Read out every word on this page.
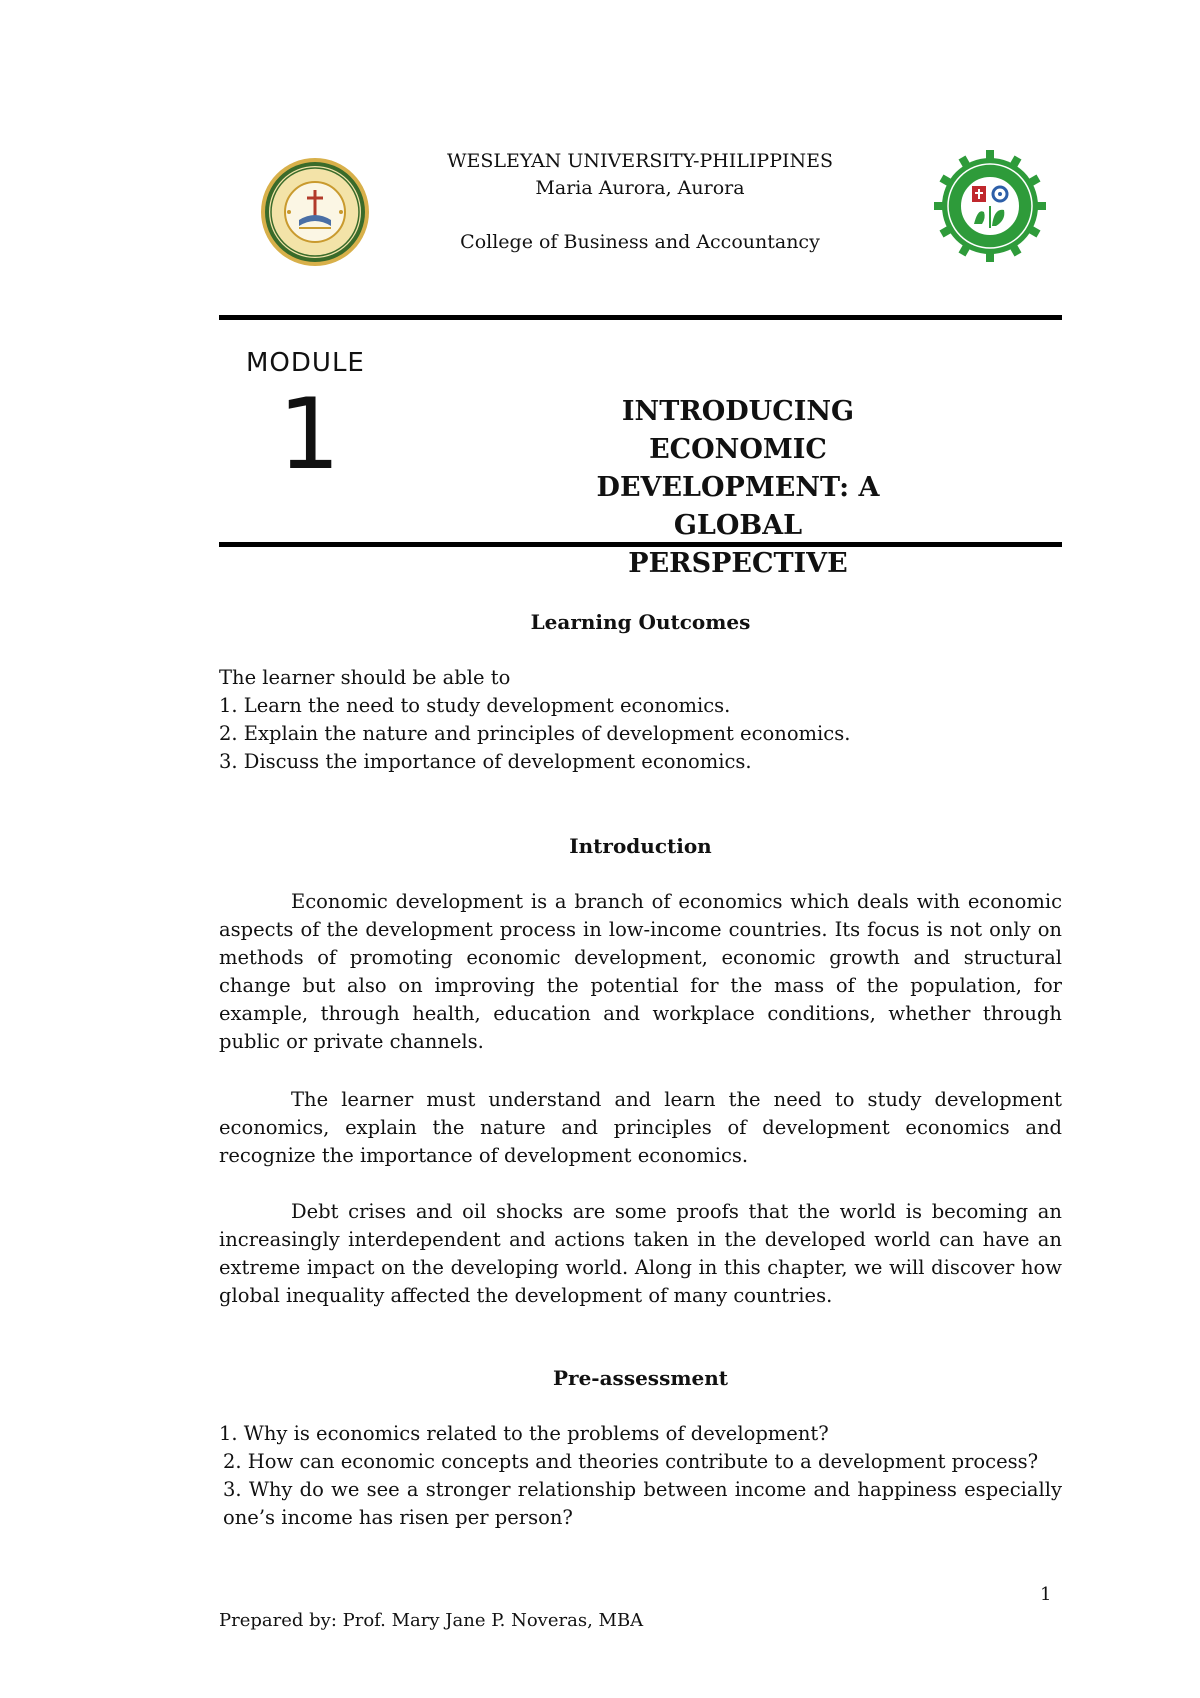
WESLEYAN UNIVERSITY-PHILIPPINES
Maria Aurora, Aurora
College of Business and Accountancy
MODULE
1	INTRODUCING ECONOMIC
DEVELOPMENT: A GLOBAL
PERSPECTIVE
Learning Outcomes

The learner should be able to

1. Learn the need to study development economics.

2. Explain the nature and principles of development economics.

3. Discuss the importance of development economics.

Introduction
Economic development is a branch of economics which deals with economic aspects of the development process in low-income countries. Its focus is not only on methods of promoting economic development, economic growth and structural change but also on improving the potential for the mass of the population, for example, through health, education and workplace conditions, whether through public or private channels.
The learner must understand and learn the need to study development economics, explain the nature and principles of development economics and recognize the importance of development economics.
Debt crises and oil shocks are some proofs that the world is becoming an increasingly interdependent and actions taken in the developed world can have an extreme impact on the developing world. Along in this chapter, we will discover how global inequality affected the development of many countries.
Pre-assessment

1. Why is economics related to the problems of development?

2. How can economic concepts and theories contribute to a development process?

3. Why do we see a stronger relationship between income and happiness especially one’s income has risen per person?

1
Prepared by: Prof. Mary Jane P. Noveras, MBA
